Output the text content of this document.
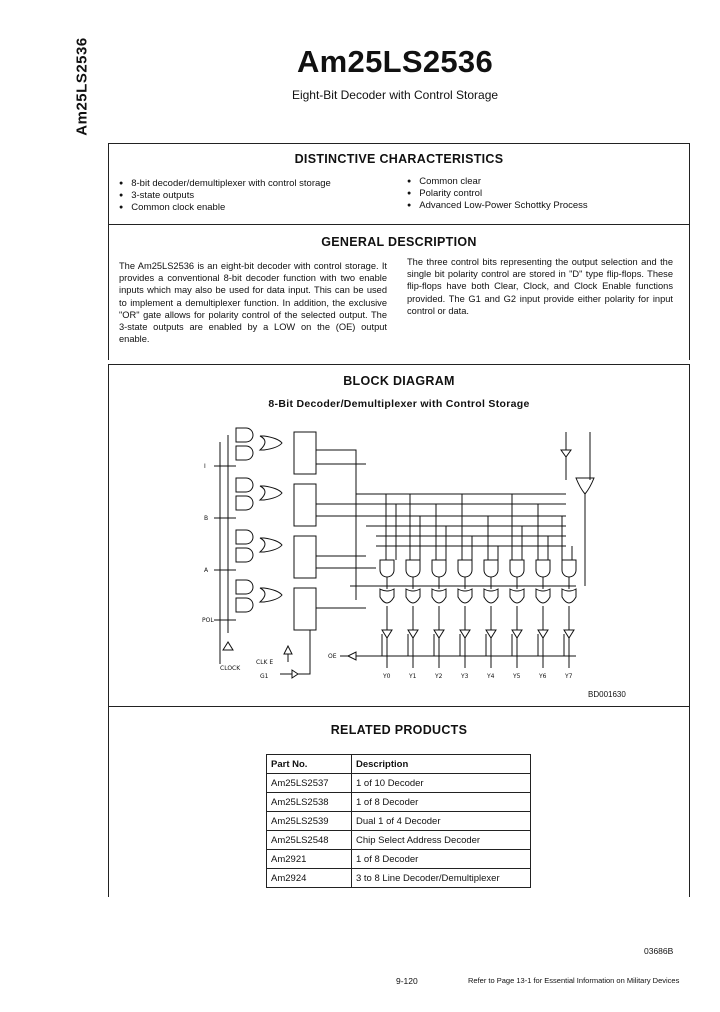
Am25LS2536	Am25LS2536
Eight-Bit Decoder with Control Storage
DISTINCTIVE CHARACTERISTICS
● 8-bit decoder/demultiplexer with control storage
● 3-state outputs
● Common clock enable
● Common clear
● Polarity control
● Advanced Low-Power Schottky Process
GENERAL DESCRIPTION
The Am25LS2536 is an eight-bit decoder with control storage. It provides a conventional 8-bit decoder function with two enable inputs which may also be used for data input. This can be used to implement a demultiplexer function. In addition, the exclusive "OR" gate allows for polarity control of the selected output. The 3-state outputs are enabled by a LOW on the (OE) output enable.
The three control bits representing the output selection and the single bit polarity control are stored in "D" type flip-flops. These flip-flops have both Clear, Clock, and Clock Enable functions provided. The G1 and G2 input provide either polarity for input control or data.
BLOCK DIAGRAM
8-Bit Decoder/Demultiplexer with Control Storage
I
B
A
POL
CLOCK
CLK E
G1
OE
Y0	Y1	Y2	Y3	Y4	Y5	Y6	Y7
BD001630
RELATED PRODUCTS
Part No.	Description
Am25LS2537	1 of 10 Decoder
Am25LS2538	1 of 8 Decoder
Am25LS2539	Dual 1 of 4 Decoder
Am25LS2548	Chip Select Address Decoder
Am2921	1 of 8 Decoder
Am2924	3 to 8 Line Decoder/Demultiplexer
03686B
9-120	Refer to Page 13-1 for Essential Information on Military Devices
